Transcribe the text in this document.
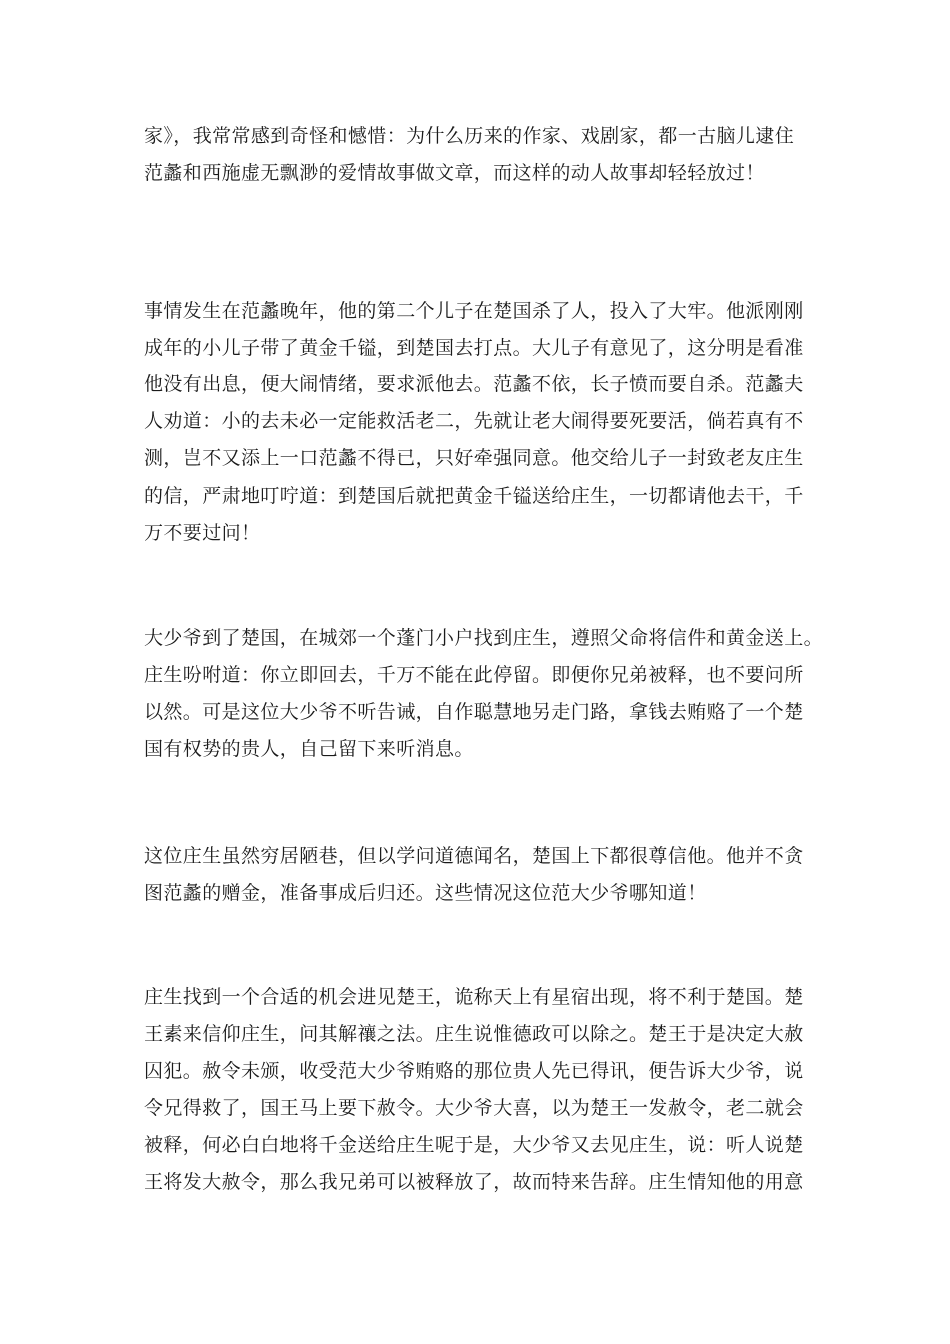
家》，我常常感到奇怪和憾惜：为什么历来的作家、戏剧家，都一古脑儿逮住
范蠡和西施虚无飘渺的爱情故事做文章，而这样的动人故事却轻轻放过！
事情发生在范蠡晚年，他的第二个儿子在楚国杀了人，投入了大牢。他派刚刚
成年的小儿子带了黄金千镒，到楚国去打点。大儿子有意见了，这分明是看准
他没有出息，便大闹情绪，要求派他去。范蠡不依，长子愤而要自杀。范蠡夫
人劝道：小的去未必一定能救活老二，先就让老大闹得要死要活，倘若真有不
测，岂不又添上一口范蠡不得已，只好牵强同意。他交给儿子一封致老友庄生
的信，严肃地叮咛道：到楚国后就把黄金千镒送给庄生，一切都请他去干，千
万不要过问！
大少爷到了楚国，在城郊一个蓬门小户找到庄生，遵照父命将信件和黄金送上。
庄生吩咐道：你立即回去，千万不能在此停留。即便你兄弟被释，也不要问所
以然。可是这位大少爷不听告诫，自作聪慧地另走门路，拿钱去贿赂了一个楚
国有权势的贵人，自己留下来听消息。
这位庄生虽然穷居陋巷，但以学问道德闻名，楚国上下都很尊信他。他并不贪
图范蠡的赠金，准备事成后归还。这些情况这位范大少爷哪知道！
庄生找到一个合适的机会进见楚王，诡称天上有星宿出现，将不利于楚国。楚
王素来信仰庄生，问其解禳之法。庄生说惟德政可以除之。楚王于是决定大赦
囚犯。赦令未颁，收受范大少爷贿赂的那位贵人先已得讯，便告诉大少爷，说
令兄得救了，国王马上要下赦令。大少爷大喜，以为楚王一发赦令，老二就会
被释，何必白白地将千金送给庄生呢于是，大少爷又去见庄生，说：听人说楚
王将发大赦令，那么我兄弟可以被释放了，故而特来告辞。庄生情知他的用意
